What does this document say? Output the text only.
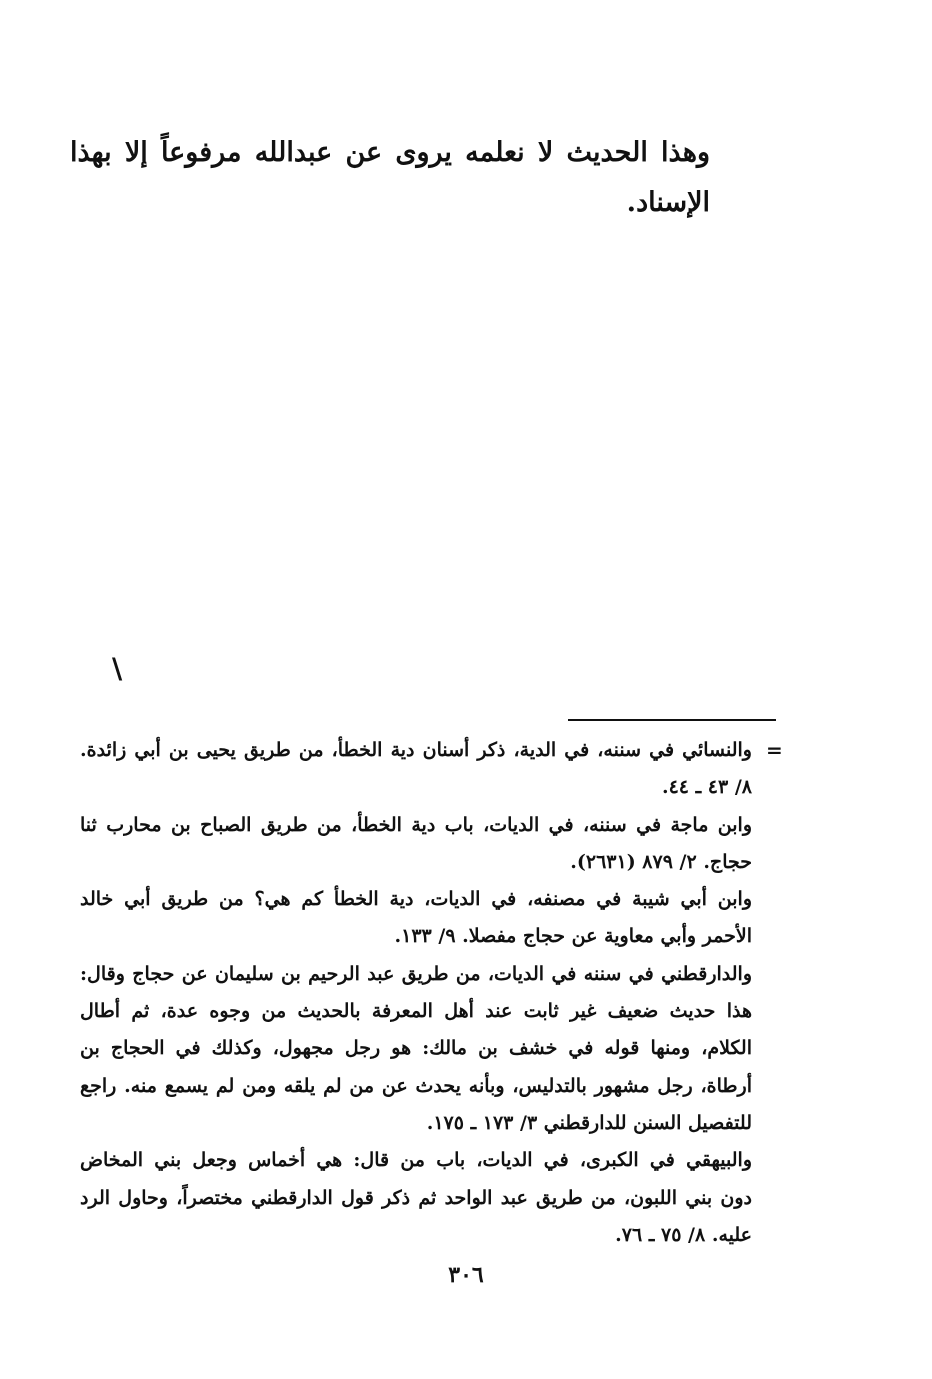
وهذا الحديث لا نعلمه يروى عن عبدالله مرفوعاً إلا بهذا
الإسناد.
\
=
والنسائي في سننه، في الدية، ذكر أسنان دية الخطأ، من طريق يحيى بن أبي زائدة.
٨/ ٤٣ ـ ٤٤.
وابن ماجة في سننه، في الديات، باب دية الخطأ، من طريق الصباح بن محارب ثنا
حجاج. ٢/ ٨٧٩ (٢٦٣١).
وابن أبي شيبة في مصنفه، في الديات، دية الخطأ كم هي؟ من طريق أبي خالد
الأحمر وأبي معاوية عن حجاج مفصلا. ٩/ ١٣٣.
والدارقطني في سننه في الديات، من طريق عبد الرحيم بن سليمان عن حجاج وقال:
هذا حديث ضعيف غير ثابت عند أهل المعرفة بالحديث من وجوه عدة، ثم أطال
الكلام، ومنها قوله في خشف بن مالك: هو رجل مجهول، وكذلك في الحجاج بن
أرطاة، رجل مشهور بالتدليس، وبأنه يحدث عن من لم يلقه ومن لم يسمع منه. راجع
للتفصيل السنن للدارقطني ٣/ ١٧٣ ـ ١٧٥.
والبيهقي في الكبرى، في الديات، باب من قال: هي أخماس وجعل بني المخاض
دون بني اللبون، من طريق عبد الواحد ثم ذكر قول الدارقطني مختصراً، وحاول الرد
عليه. ٨/ ٧٥ ـ ٧٦.
٣٠٦
